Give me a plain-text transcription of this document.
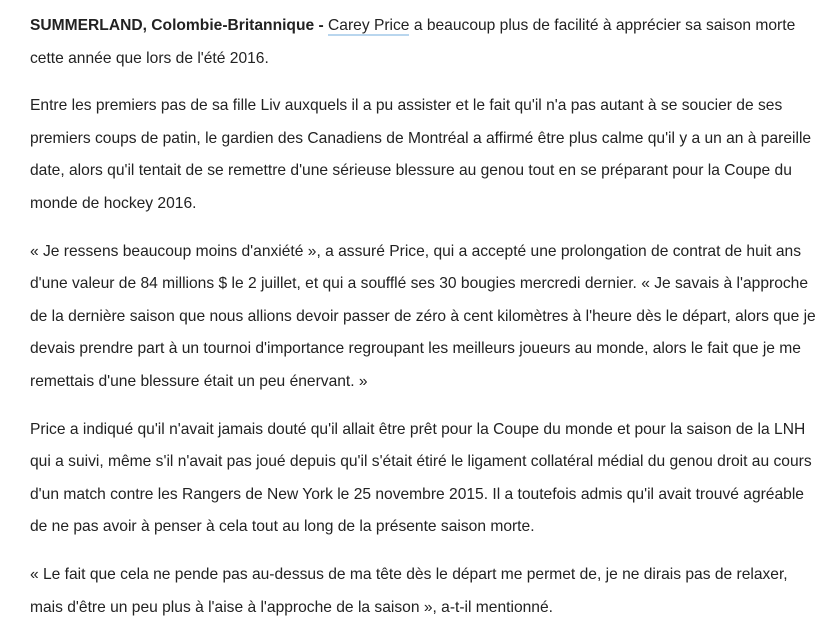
SUMMERLAND, Colombie-Britannique - Carey Price a beaucoup plus de facilité à apprécier sa saison morte cette année que lors de l'été 2016.

Entre les premiers pas de sa fille Liv auxquels il a pu assister et le fait qu'il n'a pas autant à se soucier de ses premiers coups de patin, le gardien des Canadiens de Montréal a affirmé être plus calme qu'il y a un an à pareille date, alors qu'il tentait de se remettre d'une sérieuse blessure au genou tout en se préparant pour la Coupe du monde de hockey 2016.

« Je ressens beaucoup moins d'anxiété », a assuré Price, qui a accepté une prolongation de contrat de huit ans d'une valeur de 84 millions $ le 2 juillet, et qui a soufflé ses 30 bougies mercredi dernier. « Je savais à l'approche de la dernière saison que nous allions devoir passer de zéro à cent kilomètres à l'heure dès le départ, alors que je devais prendre part à un tournoi d'importance regroupant les meilleurs joueurs au monde, alors le fait que je me remettais d'une blessure était un peu énervant. »

Price a indiqué qu'il n'avait jamais douté qu'il allait être prêt pour la Coupe du monde et pour la saison de la LNH qui a suivi, même s'il n'avait pas joué depuis qu'il s'était étiré le ligament collatéral médial du genou droit au cours d'un match contre les Rangers de New York le 25 novembre 2015. Il a toutefois admis qu'il avait trouvé agréable de ne pas avoir à penser à cela tout au long de la présente saison morte.

« Le fait que cela ne pende pas au-dessus de ma tête dès le départ me permet de, je ne dirais pas de relaxer, mais d'être un peu plus à l'aise à l'approche de la saison », a-t-il mentionné.
